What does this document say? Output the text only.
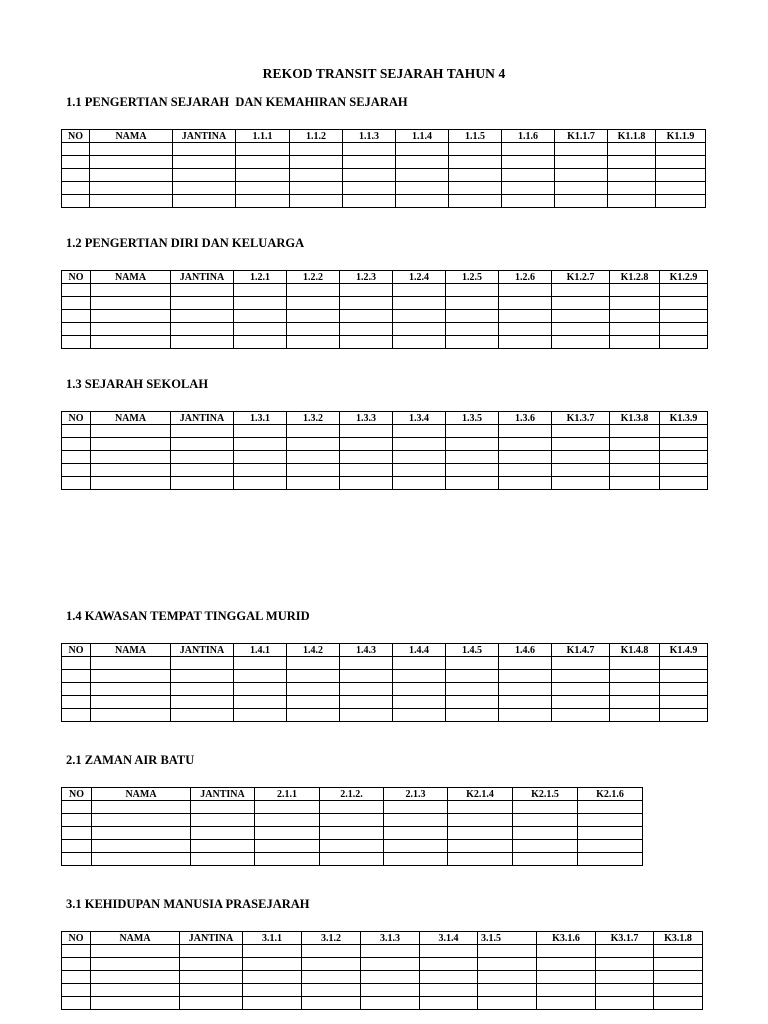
REKOD TRANSIT SEJARAH TAHUN 4
1.1 PENGERTIAN SEJARAH  DAN KEMAHIRAN SEJARAH
NO	NAMA	JANTINA	1.1.1	1.1.2	1.1.3	1.1.4	1.1.5	1.1.6	K1.1.7	K1.1.8	K1.1.9

1.2 PENGERTIAN DIRI DAN KELUARGA
NO	NAMA	JANTINA	1.2.1	1.2.2	1.2.3	1.2.4	1.2.5	1.2.6	K1.2.7	K1.2.8	K1.2.9

1.3 SEJARAH SEKOLAH
NO	NAMA	JANTINA	1.3.1	1.3.2	1.3.3	1.3.4	1.3.5	1.3.6	K1.3.7	K1.3.8	K1.3.9

1.4 KAWASAN TEMPAT TINGGAL MURID
NO	NAMA	JANTINA	1.4.1	1.4.2	1.4.3	1.4.4	1.4.5	1.4.6	K1.4.7	K1.4.8	K1.4.9

2.1 ZAMAN AIR BATU
NO	NAMA	JANTINA	2.1.1	2.1.2.	2.1.3	K2.1.4	K2.1.5	K2.1.6

3.1 KEHIDUPAN MANUSIA PRASEJARAH
NO	NAMA	JANTINA	3.1.1	3.1.2	3.1.3	3.1.4	3.1.5	K3.1.6	K3.1.7	K3.1.8
